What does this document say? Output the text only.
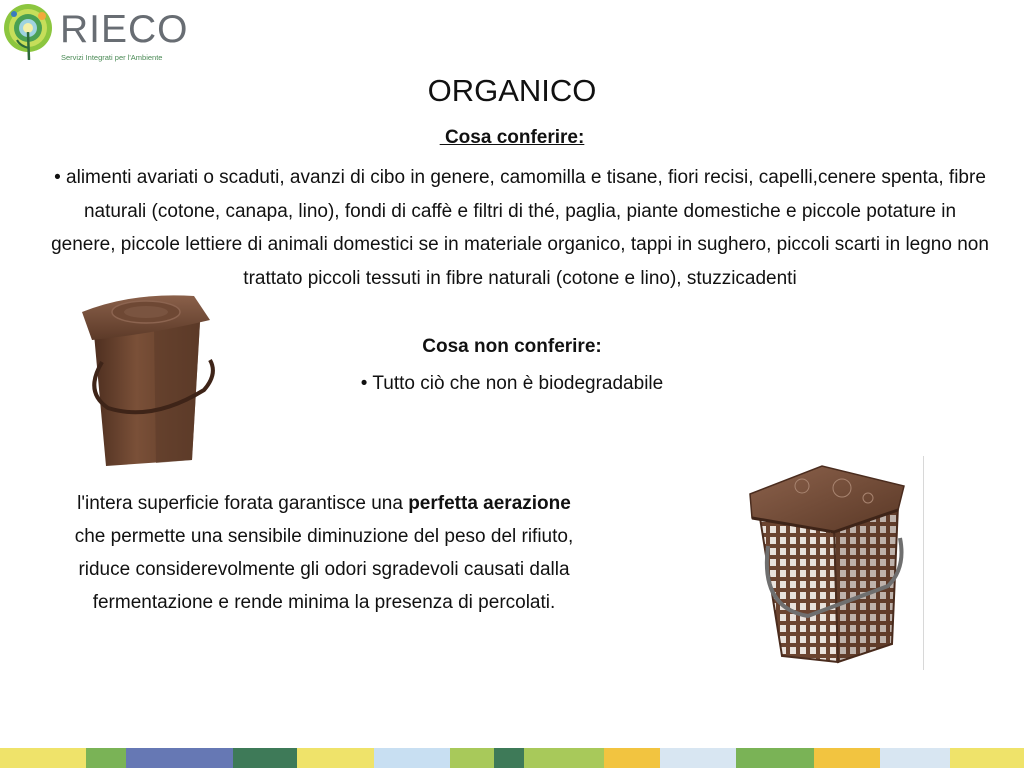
RIECO
Servizi Integrati per l'Ambiente
ORGANICO
Cosa conferire:

• alimenti avariati o scaduti, avanzi di cibo in genere, camomilla e tisane, fiori recisi, capelli,cenere spenta, fibre naturali (cotone, canapa, lino), fondi di caffè e filtri di thé, paglia, piante domestiche e piccole potature in genere, piccole lettiere di animali domestici se in materiale organico, tappi in sughero, piccoli scarti in legno non trattato piccoli tessuti in fibre naturali (cotone e lino), stuzzicadenti

Cosa non conferire:

• Tutto ciò che non è biodegradabile

l'intera superficie forata garantisce una perfetta aerazione che permette una sensibile diminuzione del peso del rifiuto, riduce considerevolmente gli odori sgradevoli causati dalla fermentazione e rende minima la presenza di percolati.
